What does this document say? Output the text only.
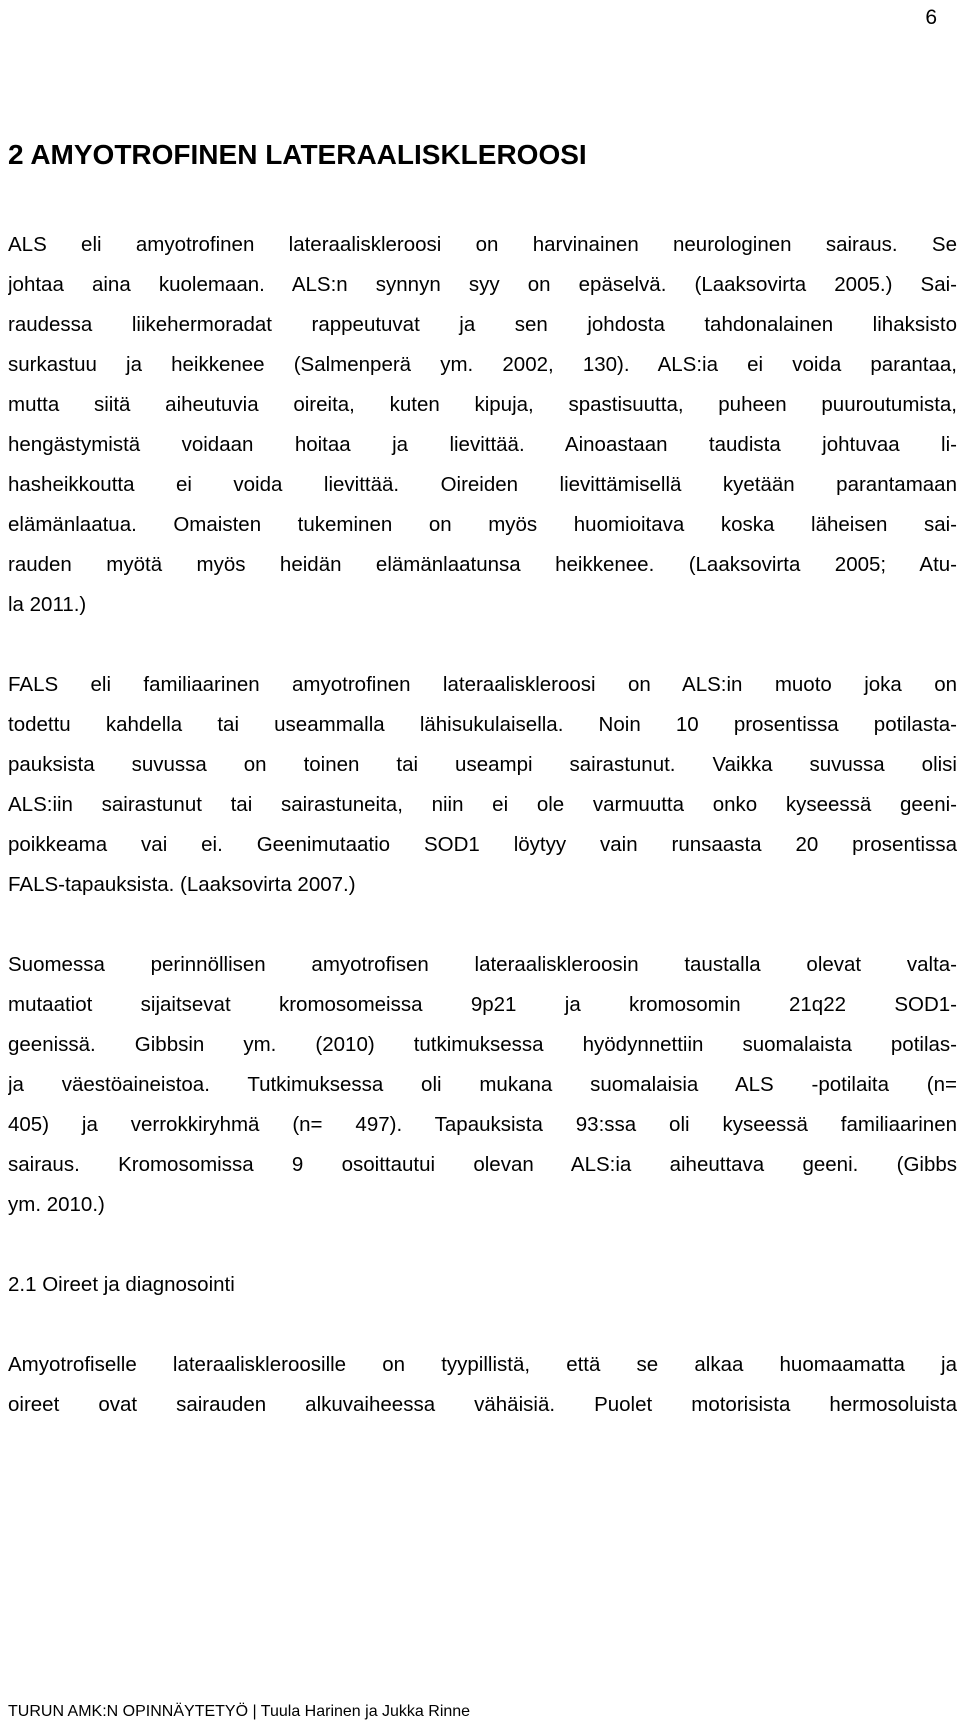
6
2 AMYOTROFINEN LATERAALISKLEROOSI
ALS eli amyotrofinen lateraaliskleroosi on harvinainen neurologinen sairaus. Se
johtaa aina kuolemaan. ALS:n synnyn syy on epäselvä. (Laaksovirta 2005.) Sai-
raudessa liikehermoradat rappeutuvat ja sen johdosta tahdonalainen lihaksisto
surkastuu ja heikkenee (Salmenperä ym. 2002, 130). ALS:ia ei voida parantaa,
mutta siitä aiheutuvia oireita, kuten kipuja, spastisuutta, puheen puuroutumista,
hengästymistä voidaan hoitaa ja lievittää. Ainoastaan taudista johtuvaa li-
hasheikkoutta ei voida lievittää. Oireiden lievittämisellä kyetään parantamaan
elämänlaatua. Omaisten tukeminen on myös huomioitava koska läheisen sai-
rauden myötä myös heidän elämänlaatunsa heikkenee. (Laaksovirta 2005; Atu-
la 2011.)
FALS eli familiaarinen amyotrofinen lateraaliskleroosi on ALS:in muoto joka on
todettu kahdella tai useammalla lähisukulaisella. Noin 10 prosentissa potilasta-
pauksista suvussa on toinen tai useampi sairastunut. Vaikka suvussa olisi
ALS:iin sairastunut tai sairastuneita, niin ei ole varmuutta onko kyseessä geeni-
poikkeama vai ei. Geenimutaatio SOD1 löytyy vain runsaasta 20 prosentissa
FALS-tapauksista. (Laaksovirta 2007.)
Suomessa perinnöllisen amyotrofisen lateraaliskleroosin taustalla olevat valta-
mutaatiot sijaitsevat kromosomeissa 9p21 ja kromosomin 21q22 SOD1-
geenissä. Gibbsin ym. (2010) tutkimuksessa hyödynnettiin suomalaista potilas-
ja väestöaineistoa. Tutkimuksessa oli mukana suomalaisia ALS -potilaita (n=
405) ja verrokkiryhmä (n= 497). Tapauksista 93:ssa oli kyseessä familiaarinen
sairaus. Kromosomissa 9 osoittautui olevan ALS:ia aiheuttava geeni. (Gibbs
ym. 2010.)
2.1 Oireet ja diagnosointi
Amyotrofiselle lateraaliskleroosille on tyypillistä, että se alkaa huomaamatta ja
oireet ovat sairauden alkuvaiheessa vähäisiä. Puolet motorisista hermosoluista
TURUN AMK:N OPINNÄYTETYÖ | Tuula Harinen ja Jukka Rinne
